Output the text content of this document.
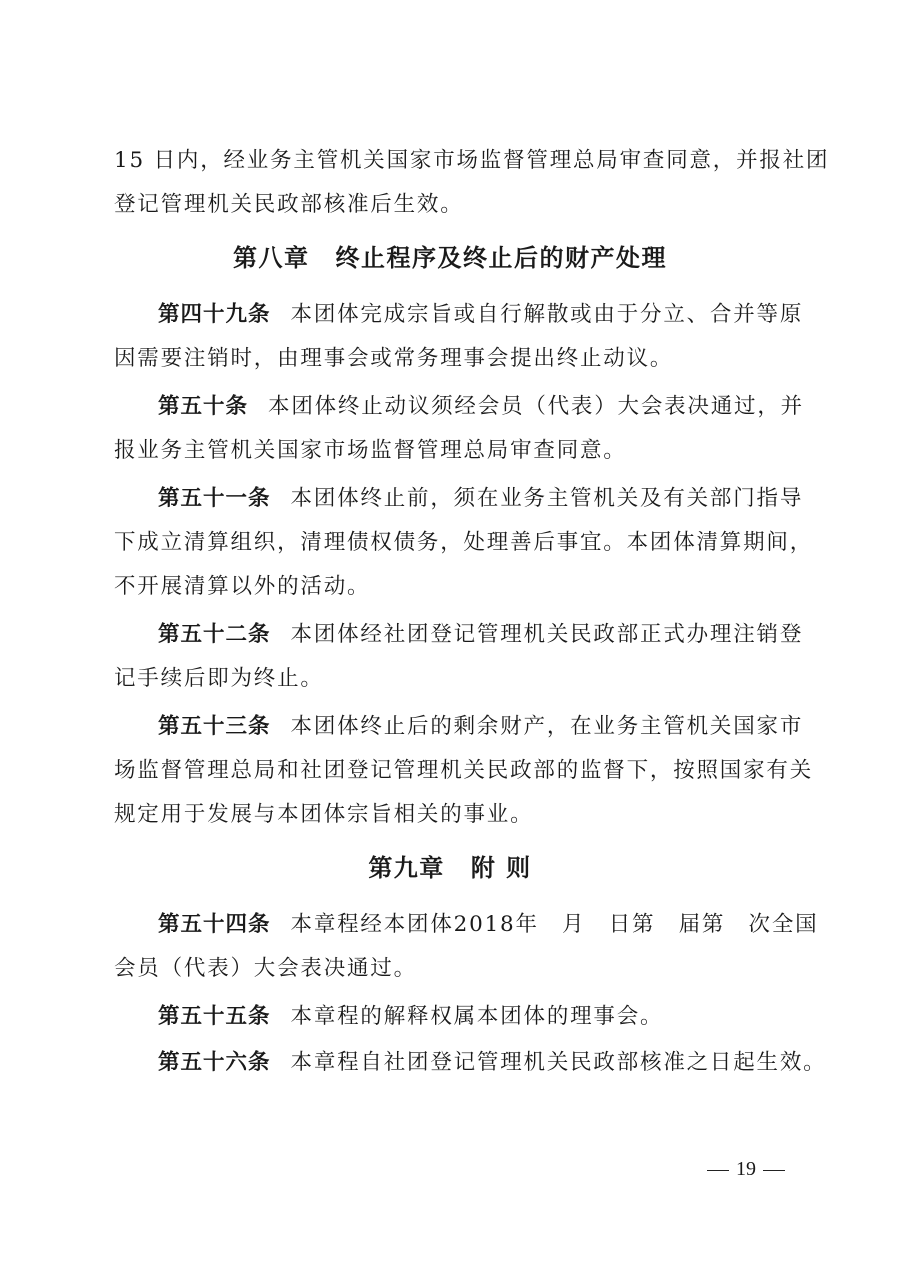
15 日内，经业务主管机关国家市场监督管理总局审查同意，并报社团
登记管理机关民政部核准后生效。
第八章 终止程序及终止后的财产处理
第四十九条 本团体完成宗旨或自行解散或由于分立、合并等原
因需要注销时，由理事会或常务理事会提出终止动议。
第五十条 本团体终止动议须经会员（代表）大会表决通过，并
报业务主管机关国家市场监督管理总局审查同意。
第五十一条 本团体终止前，须在业务主管机关及有关部门指导
下成立清算组织，清理债权债务，处理善后事宜。本团体清算期间，
不开展清算以外的活动。
第五十二条 本团体经社团登记管理机关民政部正式办理注销登
记手续后即为终止。
第五十三条 本团体终止后的剩余财产，在业务主管机关国家市
场监督管理总局和社团登记管理机关民政部的监督下，按照国家有关
规定用于发展与本团体宗旨相关的事业。
第九章 附 则
第五十四条 本章程经本团体2018年　月　日第　届第　次全国
会员（代表）大会表决通过。
第五十五条 本章程的解释权属本团体的理事会。
第五十六条 本章程自社团登记管理机关民政部核准之日起生效。
19
